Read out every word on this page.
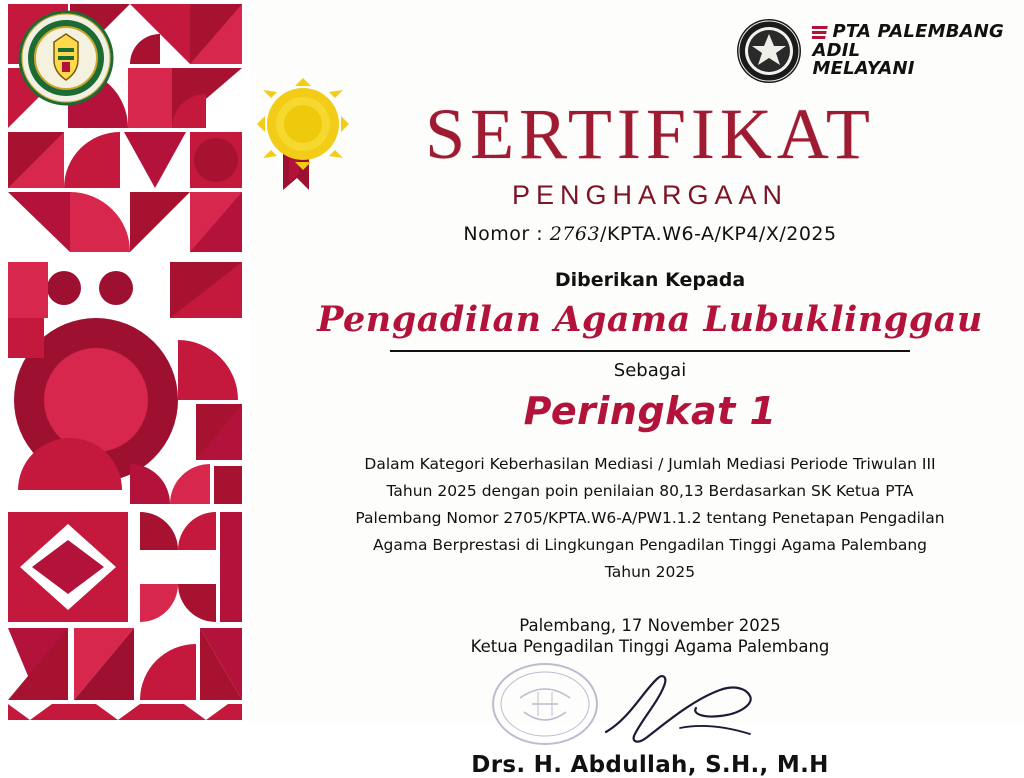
PTA PALEMBANG
ADIL
MELAYANI
SERTIFIKAT
PENGHARGAAN
Nomor : 2763/KPTA.W6-A/KP4/X/2025
Diberikan Kepada
Pengadilan Agama Lubuklinggau
Sebagai
Peringkat 1
Dalam Kategori Keberhasilan Mediasi / Jumlah Mediasi Periode Triwulan III Tahun 2025 dengan poin penilaian 80,13 Berdasarkan SK Ketua PTA Palembang Nomor 2705/KPTA.W6-A/PW1.1.2 tentang Penetapan Pengadilan Agama Berprestasi di Lingkungan Pengadilan Tinggi Agama Palembang Tahun 2025
Palembang, 17 November 2025
Ketua Pengadilan Tinggi Agama Palembang
Drs. H. Abdullah, S.H., M.H
